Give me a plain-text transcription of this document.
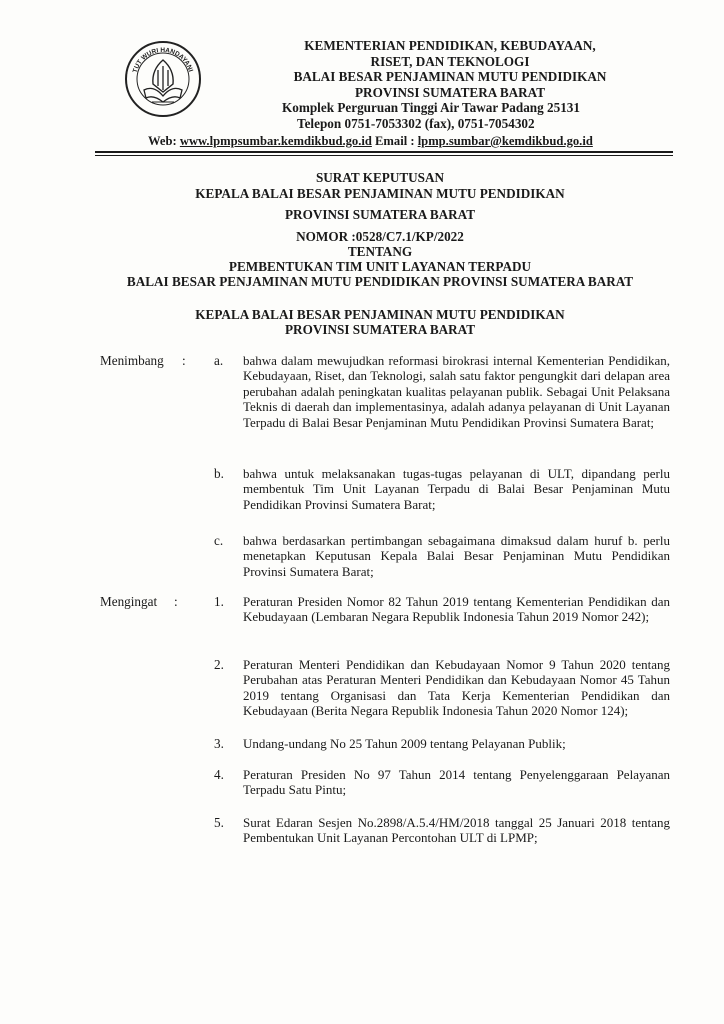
TUT WURI HANDAYANI
KEMENTERIAN PENDIDIKAN, KEBUDAYAAN,
RISET, DAN TEKNOLOGI
BALAI BESAR PENJAMINAN MUTU PENDIDIKAN
PROVINSI SUMATERA BARAT
Komplek Perguruan Tinggi Air Tawar Padang 25131
Telepon 0751-7053302 (fax), 0751-7054302
Web: www.lpmpsumbar.kemdikbud.go.id Email : lpmp.sumbar@kemdikbud.go.id
SURAT KEPUTUSAN
KEPALA BALAI BESAR PENJAMINAN MUTU PENDIDIKAN
PROVINSI SUMATERA BARAT
NOMOR :0528/C7.1/KP/2022
TENTANG
PEMBENTUKAN TIM UNIT LAYANAN TERPADU
BALAI BESAR PENJAMINAN MUTU PENDIDIKAN PROVINSI SUMATERA BARAT
KEPALA BALAI BESAR PENJAMINAN MUTU PENDIDIKAN
PROVINSI SUMATERA BARAT
Menimbang : a. bahwa dalam mewujudkan reformasi birokrasi internal Kementerian Pendidikan, Kebudayaan, Riset, dan Teknologi, salah satu faktor pengungkit dari delapan area perubahan adalah peningkatan kualitas pelayanan publik. Sebagai Unit Pelaksana Teknis di daerah dan implementasinya, adalah adanya pelayanan di Unit Layanan Terpadu di Balai Besar Penjaminan Mutu Pendidikan Provinsi Sumatera Barat;
b. bahwa untuk melaksanakan tugas-tugas pelayanan di ULT, dipandang perlu membentuk Tim Unit Layanan Terpadu di Balai Besar Penjaminan Mutu Pendidikan Provinsi Sumatera Barat;
c. bahwa berdasarkan pertimbangan sebagaimana dimaksud dalam huruf b. perlu menetapkan Keputusan Kepala Balai Besar Penjaminan Mutu Pendidikan Provinsi Sumatera Barat;
Mengingat :	1. Peraturan Presiden Nomor 82 Tahun 2019 tentang Kementerian Pendidikan dan Kebudayaan (Lembaran Negara Republik Indonesia Tahun 2019 Nomor 242);
2. Peraturan Menteri Pendidikan dan Kebudayaan Nomor 9 Tahun 2020 tentang Perubahan atas Peraturan Menteri Pendidikan dan Kebudayaan Nomor 45 Tahun 2019 tentang Organisasi dan Tata Kerja Kementerian Pendidikan dan Kebudayaan (Berita Negara Republik Indonesia Tahun 2020 Nomor 124);
3. Undang-undang No 25 Tahun 2009 tentang Pelayanan Publik;
4. Peraturan Presiden No 97 Tahun 2014 tentang Penyelenggaraan Pelayanan Terpadu Satu Pintu;
5. Surat Edaran Sesjen No.2898/A.5.4/HM/2018 tanggal 25 Januari 2018 tentang Pembentukan Unit Layanan Percontohan ULT di LPMP;
